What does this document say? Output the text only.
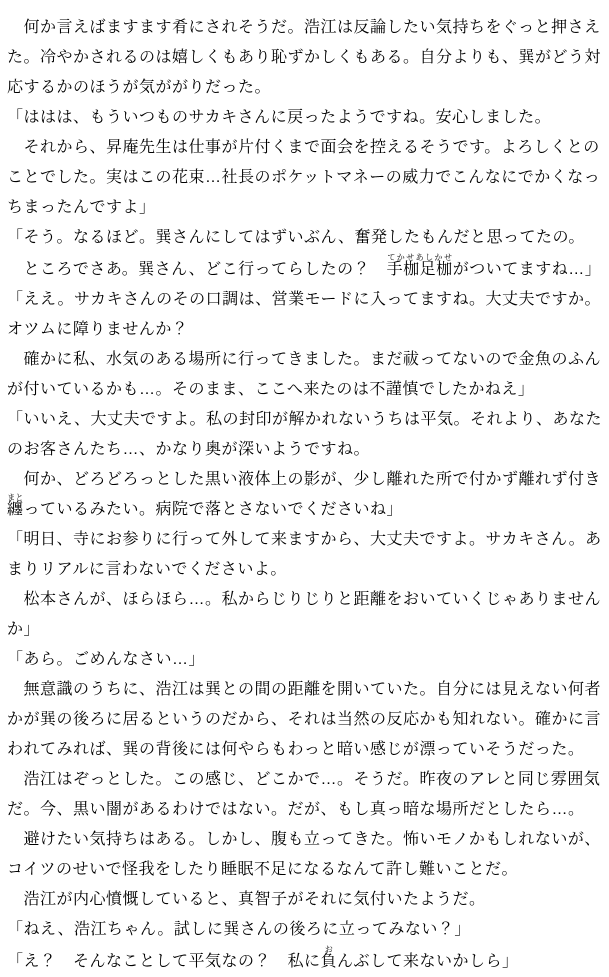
　何か言えばますます肴にされそうだ。浩江は反論したい気持ちをぐっと押さえた。冷やかされるのは嬉しくもあり恥ずかしくもある。自分よりも、巽がどう対応するかのほうが気ががりだった。

「ははは、もういつものサカキさんに戻ったようですね。安心しました。

　それから、昇庵先生は仕事が片付くまで面会を控えるそうです。よろしくとのことでした。実はこの花束…社長のポケットマネーの威力でこんなにでかくなっちまったんですよ」

「そう。なるほど。巽さんにしてはずいぶん、奮発したもんだと思ってたの。

　ところでさあ。巽さん、どこ行ってらしたの？　手枷足枷てかせあしかせがついてますね…」

「ええ。サカキさんのその口調は、営業モードに入ってますね。大丈夫ですか。オツムに障りませんか？

　確かに私、水気のある場所に行ってきました。まだ祓ってないので金魚のふんが付いているかも…。そのまま、ここへ来たのは不謹慎でしたかねえ」

「いいえ、大丈夫ですよ。私の封印が解かれないうちは平気。それより、あなたのお客さんたち…、かなり奥が深いようですね。

　何か、どろどろっとした黒い液体上の影が、少し離れた所で付かず離れず付き纏まとっているみたい。病院で落とさないでくださいね」

「明日、寺にお参りに行って外して来ますから、大丈夫ですよ。サカキさん。あまりリアルに言わないでくださいよ。

　松本さんが、ほらほら…。私からじりじりと距離をおいていくじゃありませんか」

「あら。ごめんなさい…」

　無意識のうちに、浩江は巽との間の距離を開いていた。自分には見えない何者かが巽の後ろに居るというのだから、それは当然の反応かも知れない。確かに言われてみれば、巽の背後には何やらもわっと暗い感じが漂っていそうだった。

　浩江はぞっとした。この感じ、どこかで…。そうだ。昨夜のアレと同じ雰囲気だ。今、黒い闇があるわけではない。だが、もし真っ暗な場所だとしたら…。

　避けたい気持ちはある。しかし、腹も立ってきた。怖いモノかもしれないが、コイツのせいで怪我をしたり睡眠不足になるなんて許し難いことだ。

　浩江が内心憤慨していると、真智子がそれに気付いたようだ。

「ねえ、浩江ちゃん。試しに巽さんの後ろに立ってみない？」

「え？　そんなことして平気なの？　私に負おんぶして来ないかしら」
